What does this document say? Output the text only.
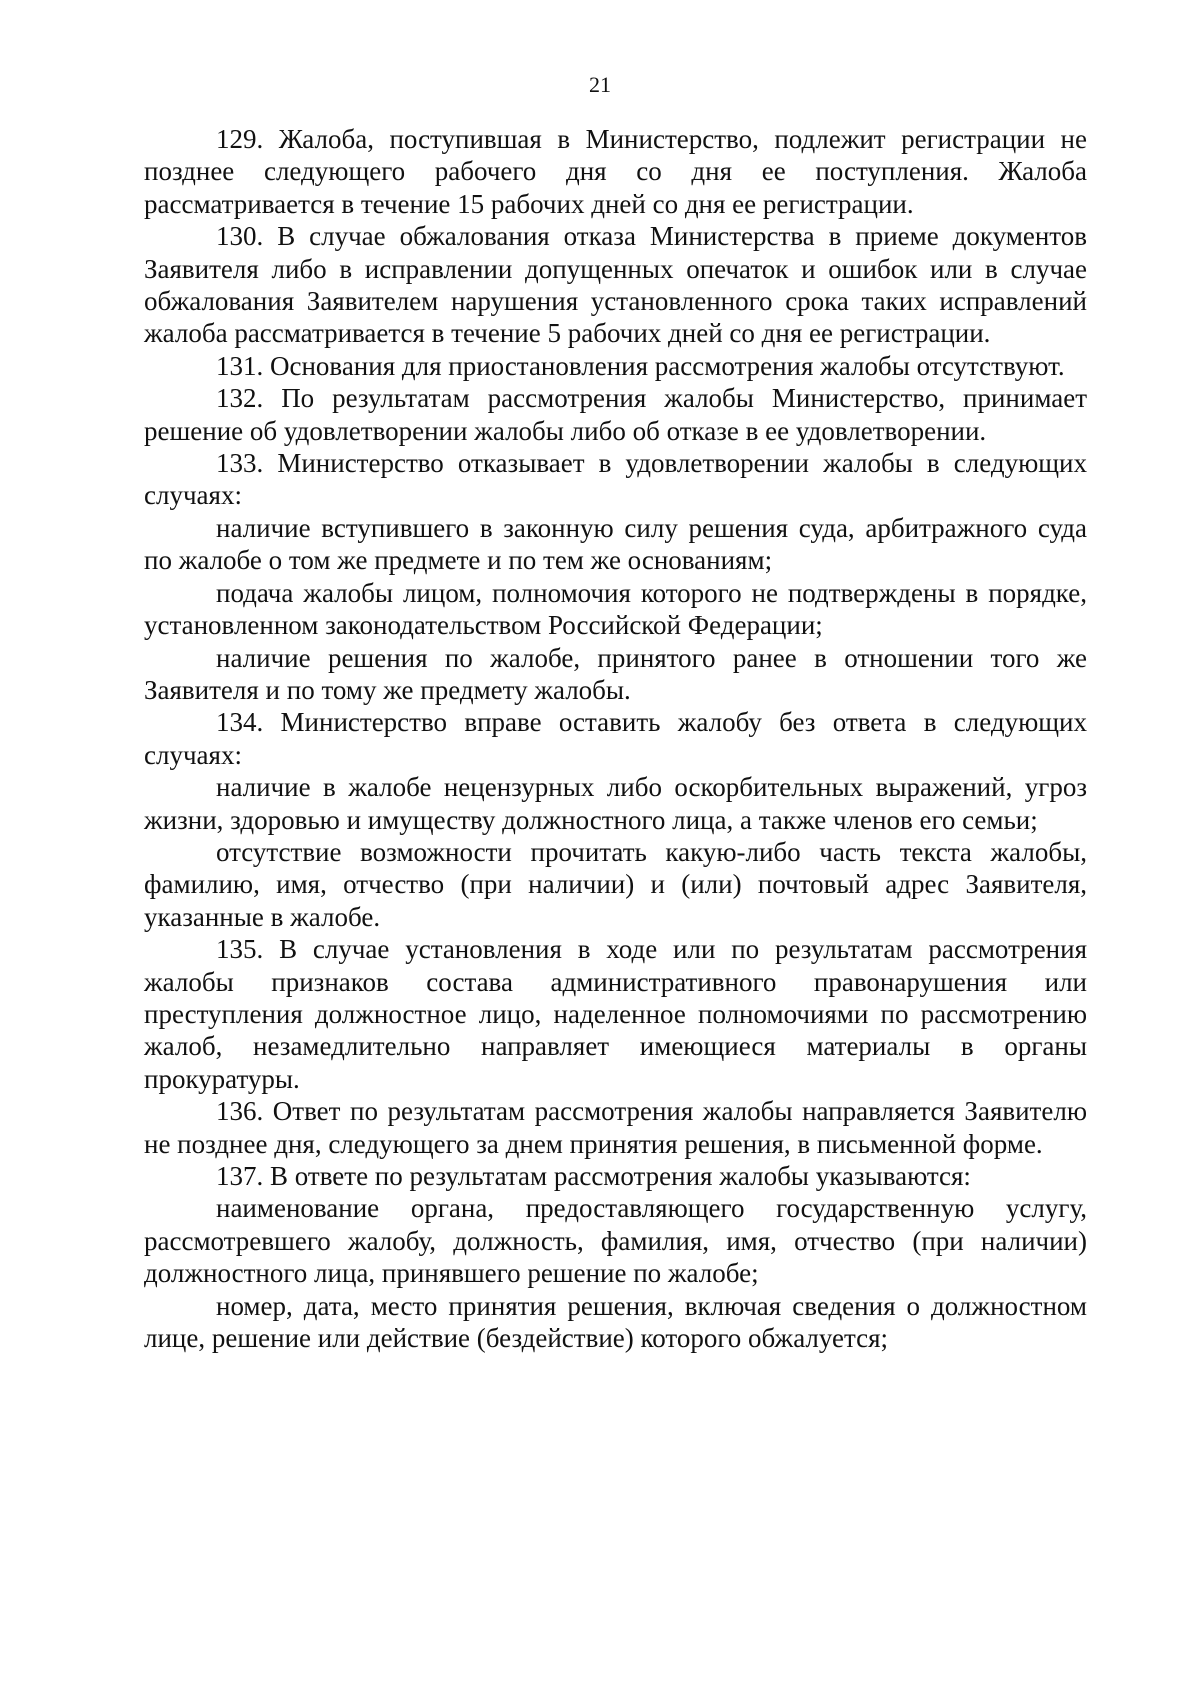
21

129. Жалоба, поступившая в Министерство, подлежит регистрации не позднее следующего рабочего дня со дня ее поступления. Жалоба рассматривается в течение 15 рабочих дней со дня ее регистрации.

130. В случае обжалования отказа Министерства в приеме документов Заявителя либо в исправлении допущенных опечаток и ошибок или в случае обжалования Заявителем нарушения установленного срока таких исправлений жалоба рассматривается в течение 5 рабочих дней со дня ее регистрации.

131. Основания для приостановления рассмотрения жалобы отсутствуют.

132. По результатам рассмотрения жалобы Министерство, принимает решение об удовлетворении жалобы либо об отказе в ее удовлетворении.

133. Министерство отказывает в удовлетворении жалобы в следующих случаях:

наличие вступившего в законную силу решения суда, арбитражного суда по жалобе о том же предмете и по тем же основаниям;

подача жалобы лицом, полномочия которого не подтверждены в порядке, установленном законодательством Российской Федерации;

наличие решения по жалобе, принятого ранее в отношении того же Заявителя и по тому же предмету жалобы.

134. Министерство вправе оставить жалобу без ответа в следующих случаях:

наличие в жалобе нецензурных либо оскорбительных выражений, угроз жизни, здоровью и имуществу должностного лица, а также членов его семьи;

отсутствие возможности прочитать какую-либо часть текста жалобы, фамилию, имя, отчество (при наличии) и (или) почтовый адрес Заявителя, указанные в жалобе.

135. В случае установления в ходе или по результатам рассмотрения жалобы признаков состава административного правонарушения или преступления должностное лицо, наделенное полномочиями по рассмотрению жалоб, незамедлительно направляет имеющиеся материалы в органы прокуратуры.

136. Ответ по результатам рассмотрения жалобы направляется Заявителю не позднее дня, следующего за днем принятия решения, в письменной форме.

137. В ответе по результатам рассмотрения жалобы указываются:

наименование органа, предоставляющего государственную услугу, рассмотревшего жалобу, должность, фамилия, имя, отчество (при наличии) должностного лица, принявшего решение по жалобе;

номер, дата, место принятия решения, включая сведения о должностном лице, решение или действие (бездействие) которого обжалуется;
